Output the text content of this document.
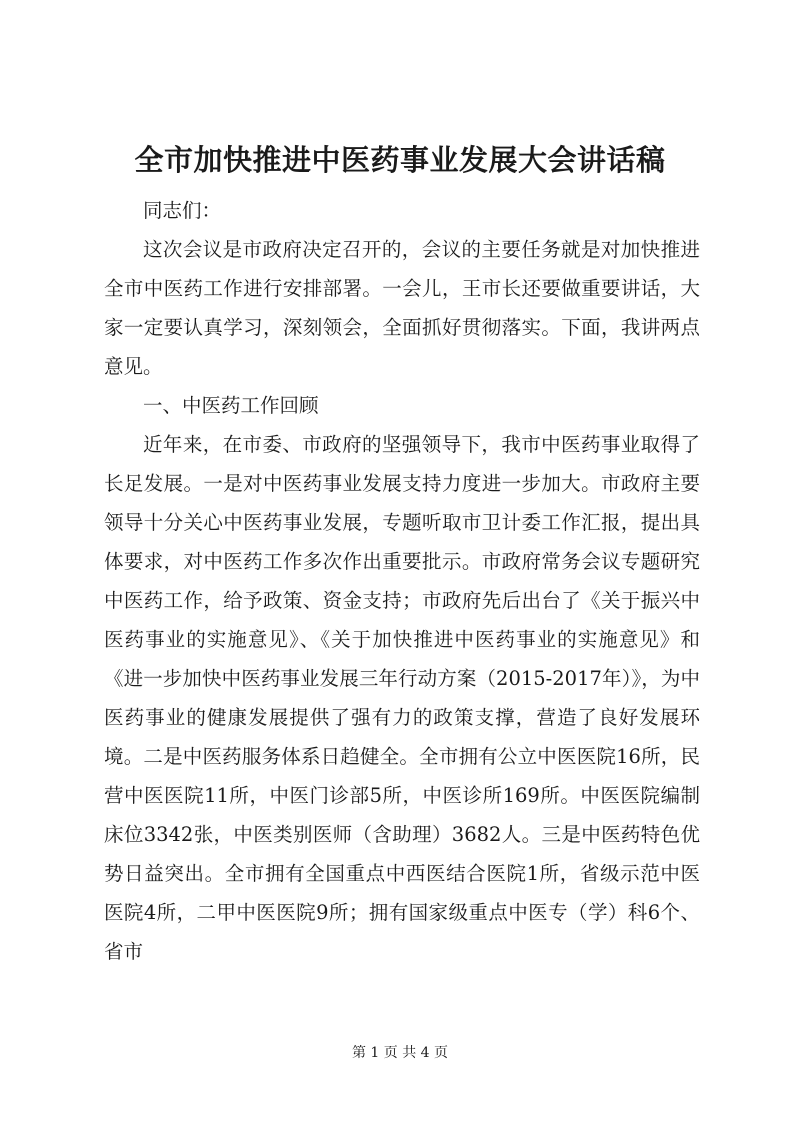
全市加快推进中医药事业发展大会讲话稿

同志们：

这次会议是市政府决定召开的，会议的主要任务就是对加快推进全市中医药工作进行安排部署。一会儿，王市长还要做重要讲话，大家一定要认真学习，深刻领会，全面抓好贯彻落实。下面，我讲两点意见。

一、中医药工作回顾

近年来，在市委、市政府的坚强领导下，我市中医药事业取得了长足发展。一是对中医药事业发展支持力度进一步加大。市政府主要领导十分关心中医药事业发展，专题听取市卫计委工作汇报，提出具体要求，对中医药工作多次作出重要批示。市政府常务会议专题研究中医药工作，给予政策、资金支持；市政府先后出台了《关于振兴中医药事业的实施意见》、《关于加快推进中医药事业的实施意见》和《进一步加快中医药事业发展三年行动方案（2015-2017年）》，为中医药事业的健康发展提供了强有力的政策支撑，营造了良好发展环境。二是中医药服务体系日趋健全。全市拥有公立中医医院16所，民营中医医院11所，中医门诊部5所，中医诊所169所。中医医院编制床位3342张，中医类别医师（含助理）3682人。三是中医药特色优势日益突出。全市拥有全国重点中西医结合医院1所，省级示范中医医院4所，二甲中医医院9所；拥有国家级重点中医专（学）科6个、省市

第 1 页 共 4 页
